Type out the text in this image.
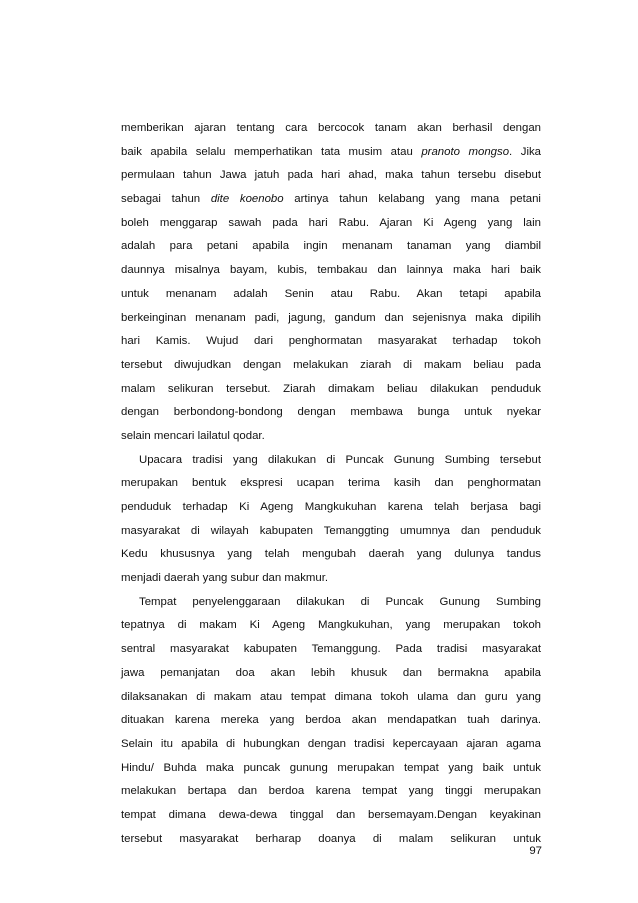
memberikan ajaran tentang cara bercocok tanam akan berhasil dengan
baik apabila selalu memperhatikan tata musim atau pranoto mongso. Jika
permulaan tahun Jawa jatuh pada hari ahad, maka tahun tersebu disebut
sebagai tahun dite koenobo artinya tahun kelabang yang mana petani
boleh menggarap sawah pada hari Rabu. Ajaran Ki Ageng yang lain
adalah para petani apabila ingin menanam tanaman yang diambil
daunnya misalnya bayam, kubis, tembakau dan lainnya maka hari baik
untuk menanam adalah Senin atau Rabu. Akan tetapi apabila
berkeinginan menanam padi, jagung, gandum dan sejenisnya maka dipilih
hari Kamis. Wujud dari penghormatan masyarakat terhadap tokoh
tersebut diwujudkan dengan melakukan ziarah di makam beliau pada
malam selikuran tersebut. Ziarah dimakam beliau dilakukan penduduk
dengan berbondong-bondong dengan membawa bunga untuk nyekar
selain mencari lailatul qodar.
Upacara tradisi yang dilakukan di Puncak Gunung Sumbing tersebut
merupakan bentuk ekspresi ucapan terima kasih dan penghormatan
penduduk terhadap Ki Ageng Mangkukuhan karena telah berjasa bagi
masyarakat di wilayah kabupaten Temanggting umumnya dan penduduk
Kedu khususnya yang telah mengubah daerah yang dulunya tandus
menjadi daerah yang subur dan makmur.
Tempat penyelenggaraan dilakukan di Puncak Gunung Sumbing
tepatnya di makam Ki Ageng Mangkukuhan, yang merupakan tokoh
sentral masyarakat kabupaten Temanggung. Pada tradisi masyarakat
jawa pemanjatan doa akan lebih khusuk dan bermakna apabila
dilaksanakan di makam atau tempat dimana tokoh ulama dan guru yang
dituakan karena mereka yang berdoa akan mendapatkan tuah darinya.
Selain itu apabila di hubungkan dengan tradisi kepercayaan ajaran agama
Hindu/ Buhda maka puncak gunung merupakan tempat yang baik untuk
melakukan bertapa dan berdoa karena tempat yang tinggi merupakan
tempat dimana dewa-dewa tinggal dan bersemayam.Dengan keyakinan
tersebut masyarakat berharap doanya di malam selikuran untuk
97
